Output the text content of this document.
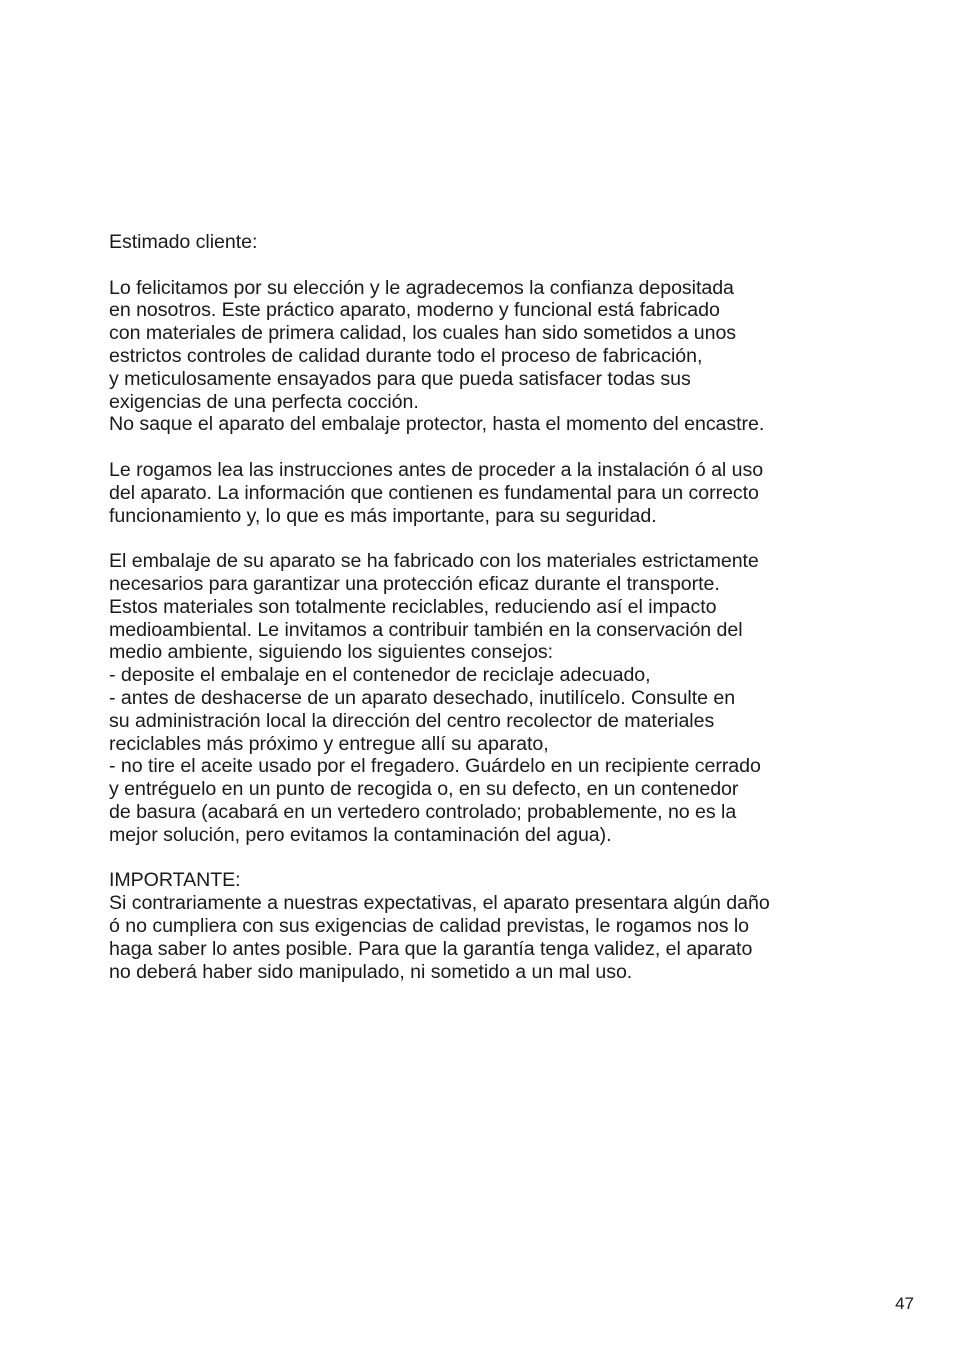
Estimado cliente:

Lo felicitamos por su elección y le agradecemos la confianza depositada
en nosotros. Este práctico aparato, moderno y funcional está fabricado
con materiales de primera calidad, los cuales han sido sometidos a unos
estrictos controles de calidad durante todo el proceso de fabricación,
y meticulosamente ensayados para que pueda satisfacer todas sus
exigencias de una perfecta cocción.
No saque el aparato del embalaje protector, hasta el momento del encastre.

Le rogamos lea las instrucciones antes de proceder a la instalación ó al uso
del aparato. La información que contienen es fundamental para un correcto
funcionamiento y, lo que es más importante, para su seguridad.

El embalaje de su aparato se ha fabricado con los materiales estrictamente
necesarios para garantizar una protección eficaz durante el transporte.
Estos materiales son totalmente reciclables, reduciendo así el impacto
medioambiental. Le invitamos a contribuir también en la conservación del
medio ambiente, siguiendo los siguientes consejos:
- deposite el embalaje en el contenedor de reciclaje adecuado,
- antes de deshacerse de un aparato desechado, inutilícelo. Consulte en
su administración local la dirección del centro recolector de materiales
reciclables más próximo y entregue allí su aparato,
- no tire el aceite usado por el fregadero. Guárdelo en un recipiente cerrado
y entréguelo en un punto de recogida o, en su defecto, en un contenedor
de basura (acabará en un vertedero controlado; probablemente, no es la
mejor solución, pero evitamos la contaminación del agua).

IMPORTANTE:
Si contrariamente a nuestras expectativas, el aparato presentara algún daño
ó no cumpliera con sus exigencias de calidad previstas, le rogamos nos lo
haga saber lo antes posible. Para que la garantía tenga validez, el aparato
no deberá haber sido manipulado, ni sometido a un mal uso.

47
